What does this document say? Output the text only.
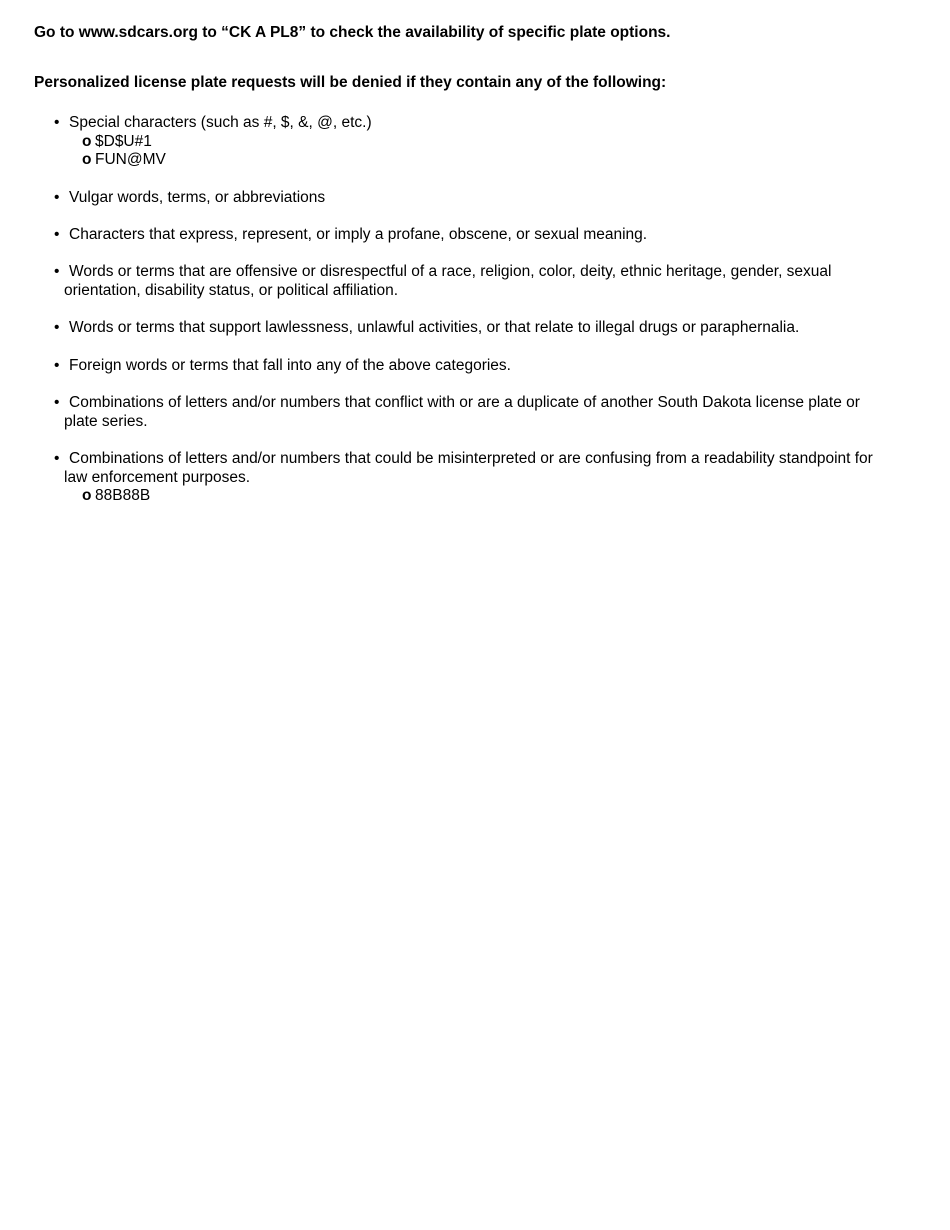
Go to www.sdcars.org to “CK A PL8” to check the availability of specific plate options.
Personalized license plate requests will be denied if they contain any of the following:
• Special characters (such as #, $, &, @, etc.)
o $D$U#1
o FUN@MV
• Vulgar words, terms, or abbreviations
• Characters that express, represent, or imply a profane, obscene, or sexual meaning.
• Words or terms that are offensive or disrespectful of a race, religion, color, deity, ethnic heritage, gender, sexual orientation, disability status, or political affiliation.
• Words or terms that support lawlessness, unlawful activities, or that relate to illegal drugs or paraphernalia.
• Foreign words or terms that fall into any of the above categories.
• Combinations of letters and/or numbers that conflict with or are a duplicate of another South Dakota license plate or plate series.
• Combinations of letters and/or numbers that could be misinterpreted or are confusing from a readability standpoint for law enforcement purposes.
o 88B88B
